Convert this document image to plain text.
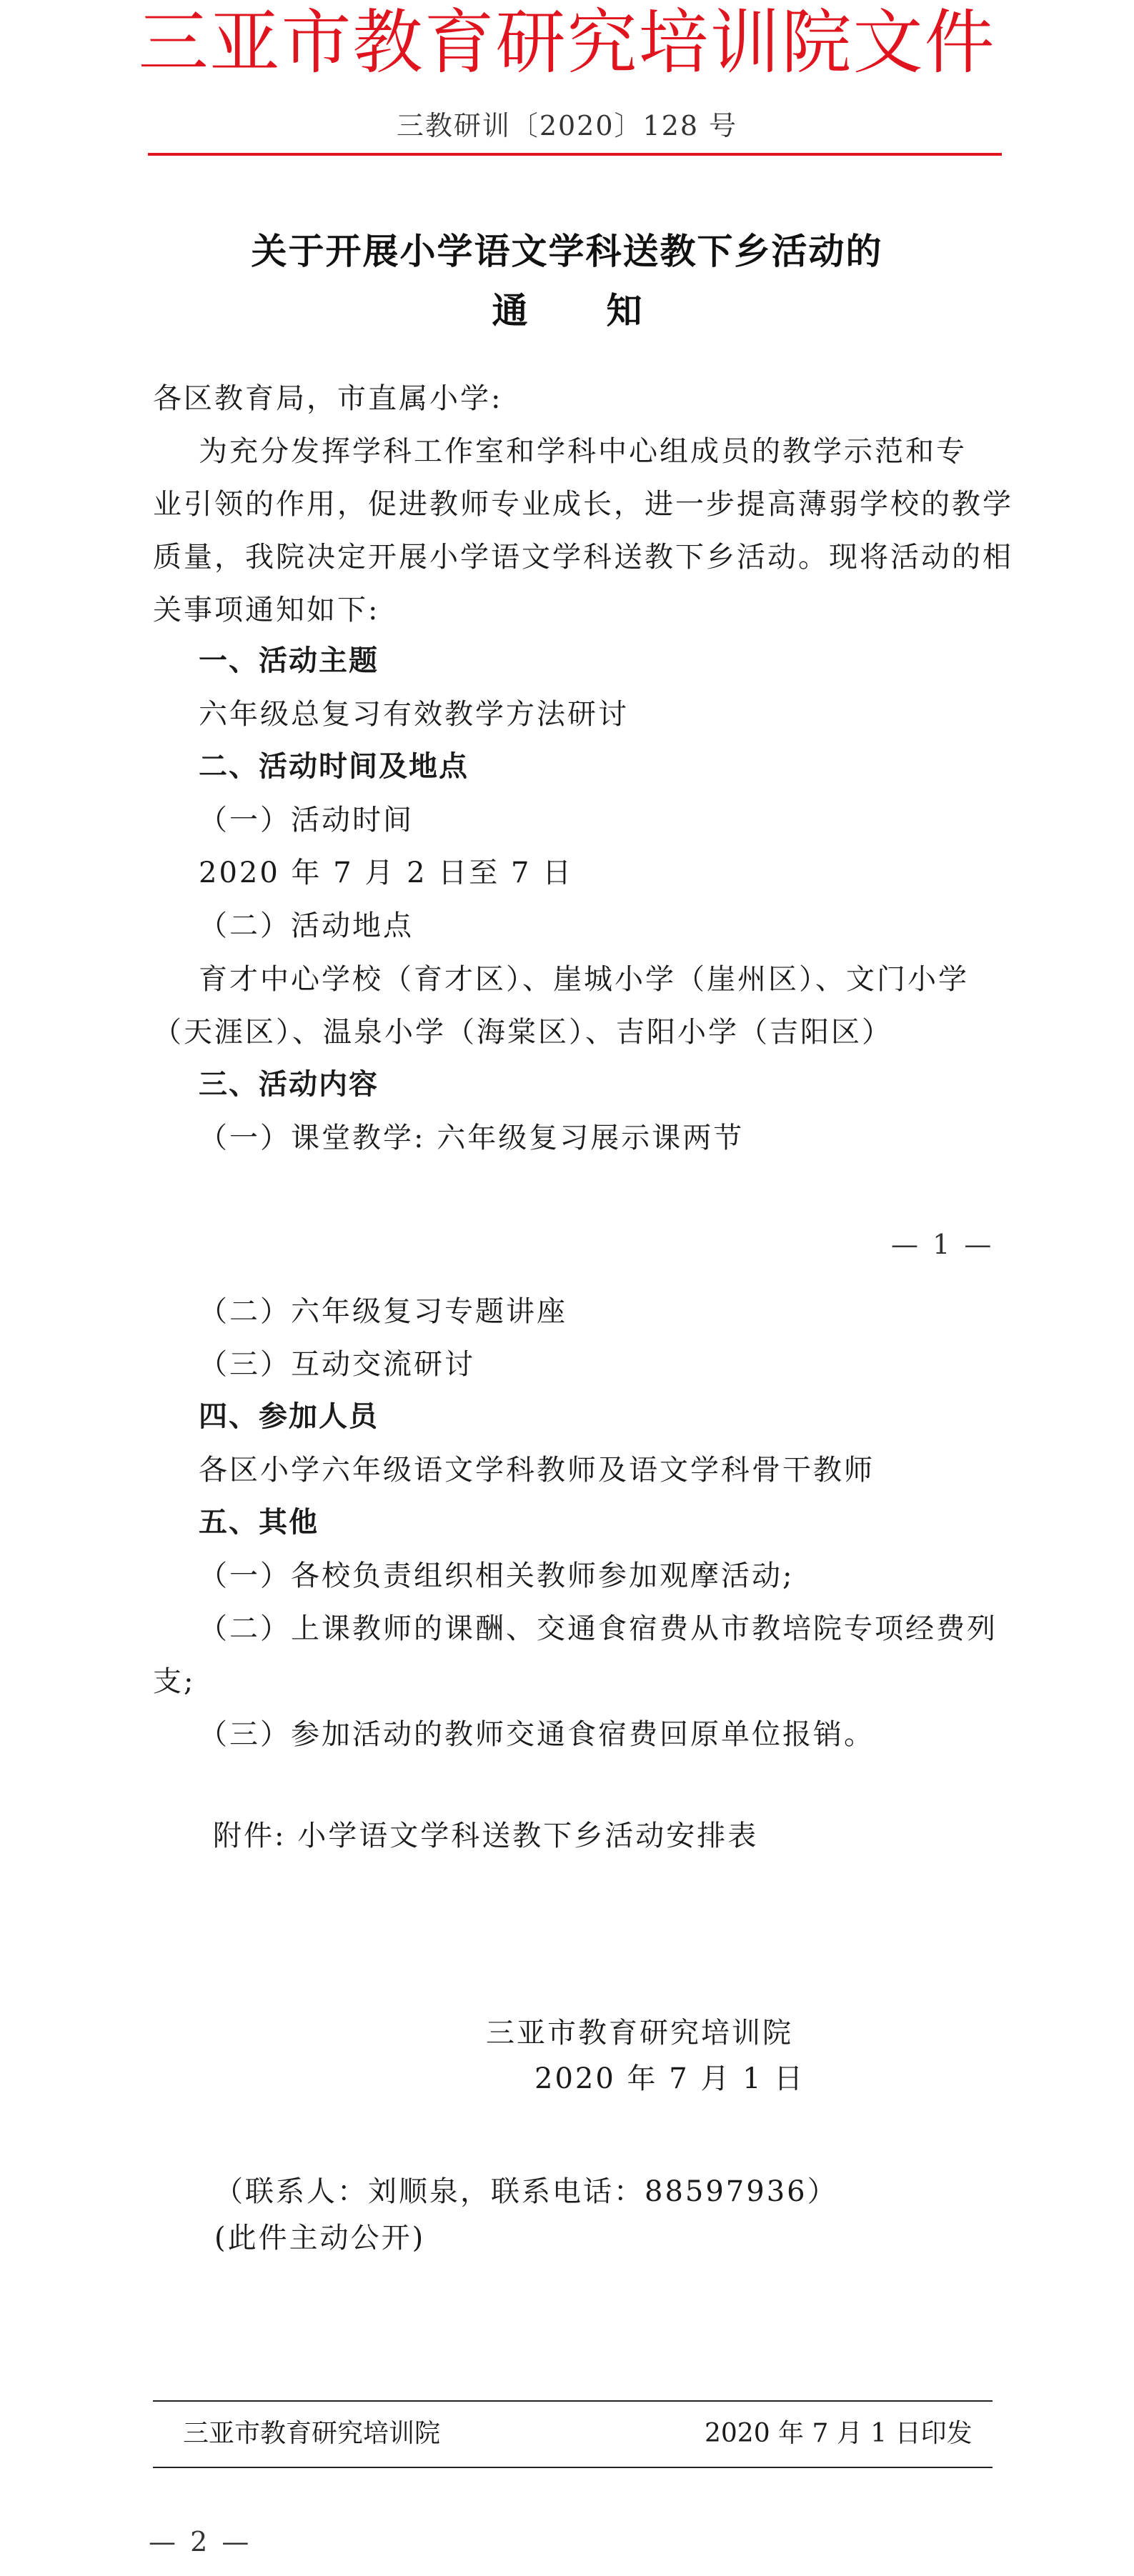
三亚市教育研究培训院文件
三教研训〔2020〕128 号
关于开展小学语文学科送教下乡活动的
通知
各区教育局，市直属小学:
为充分发挥学科工作室和学科中心组成员的教学示范和专
业引领的作用，促进教师专业成长，进一步提高薄弱学校的教学
质量，我院决定开展小学语文学科送教下乡活动。现将活动的相
关事项通知如下:
一、活动主题
六年级总复习有效教学方法研讨
二、活动时间及地点
（一）活动时间
2020 年 7 月 2 日至 7 日
（二）活动地点
育才中心学校（育才区）、崖城小学（崖州区）、文门小学
（天涯区）、温泉小学（海棠区）、吉阳小学（吉阳区）
三、活动内容
（一）课堂教学: 六年级复习展示课两节
— 1 —
（二）六年级复习专题讲座
（三）互动交流研讨
四、参加人员
各区小学六年级语文学科教师及语文学科骨干教师
五、其他
（一）各校负责组织相关教师参加观摩活动;
（二）上课教师的课酬、交通食宿费从市教培院专项经费列
支;
（三）参加活动的教师交通食宿费回原单位报销。
附件: 小学语文学科送教下乡活动安排表
三亚市教育研究培训院
2020 年 7 月 1 日
（联系人：刘顺泉，联系电话：88597936）
(此件主动公开)
三亚市教育研究培训院	2020 年 7 月 1 日印发
— 2 —
